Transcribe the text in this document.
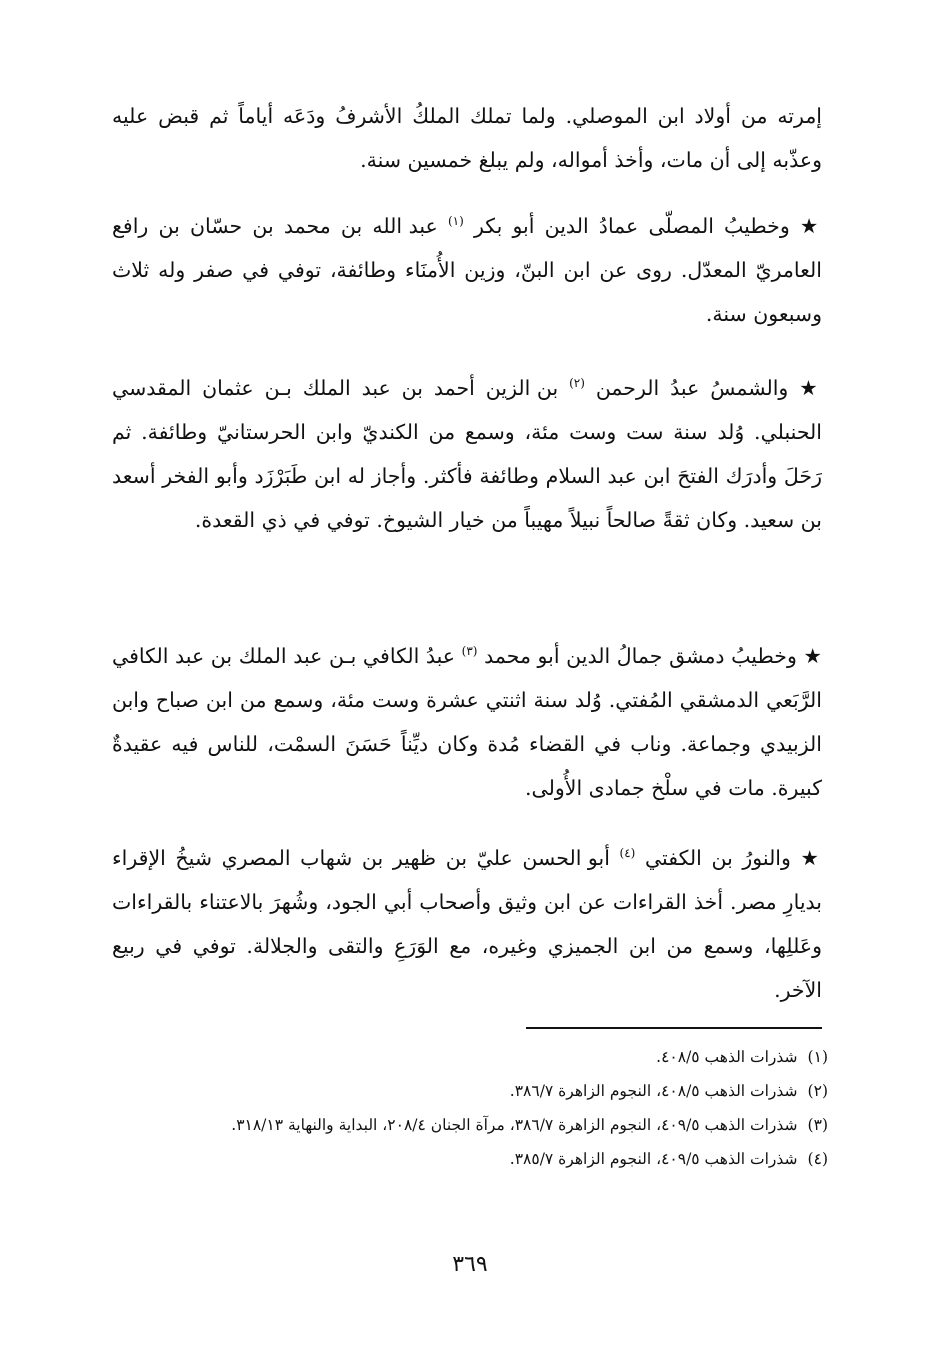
إمرته من أولاد ابن الموصلي. ولما تملك الملكُ الأشرفُ ودَعَه أياماً ثم قبض عليه وعذّبه إلى أن مات، وأخذ أمواله، ولم يبلغ خمسين سنة.

★ وخطيبُ المصلّى عمادُ الدين أبو بكر $^{(١)}$ عبد الله بن محمد بن حسّان بن رافع العامريّ المعدّل. روى عن ابن البنّ، وزين الأُمنَاء وطائفة، توفي في صفر وله ثلاث وسبعون سنة.

★ والشمسُ عبدُ الرحمن $^{(٢)}$ بن الزين أحمد بن عبد الملك بـن عثمان المقدسي الحنبلي. وُلد سنة ست وست مئة، وسمع من الكنديّ وابن الحرستانيّ وطائفة. ثم رَحَلَ وأدرَك الفتحَ ابن عبد السلام وطائفة فأكثر. وأجاز له ابن طَبَرْزَد وأبو الفخر أسعد بن سعيد. وكان ثقةً صالحاً نبيلاً مهيباً من خيار الشيوخ. توفي في ذي القعدة.

★ وخطيبُ دمشق جمالُ الدين أبو محمد $^{(٣)}$ عبدُ الكافي بـن عبد الملك بن عبد الكافي الرَّبَعي الدمشقي المُفتي. وُلد سنة اثنتي عشرة وست مئة، وسمع من ابن صباح وابن الزبيدي وجماعة. وناب في القضاء مُدة وكان ديِّناً حَسَنَ السمْت، للناس فيه عقيدةٌ كبيرة. مات في سلْخ جمادى الأُولى.

★ والنورُ بن الكفتي $^{(٤)}$ أبو الحسن عليّ بن ظهير بن شهاب المصري شيخُ الإقراء بديارِ مصر. أخذ القراءات عن ابن وثيق وأصحاب أبي الجود، وشُهرَ بالاعتناء بالقراءات وعَللِها، وسمع من ابن الجميزي وغيره، مع الوَرَعِ والتقى والجلالة. توفي في ربيع الآخر.

(١)شذرات الذهب ٤٠٨/٥.
(٢)شذرات الذهب ٤٠٨/٥، النجوم الزاهرة ٣٨٦/٧.
(٣)شذرات الذهب ٤٠٩/٥، النجوم الزاهرة ٣٨٦/٧، مرآة الجنان ٢٠٨/٤، البداية والنهاية ٣١٨/١٣.
(٤)شذرات الذهب ٤٠٩/٥، النجوم الزاهرة ٣٨٥/٧.
٣٦٩
